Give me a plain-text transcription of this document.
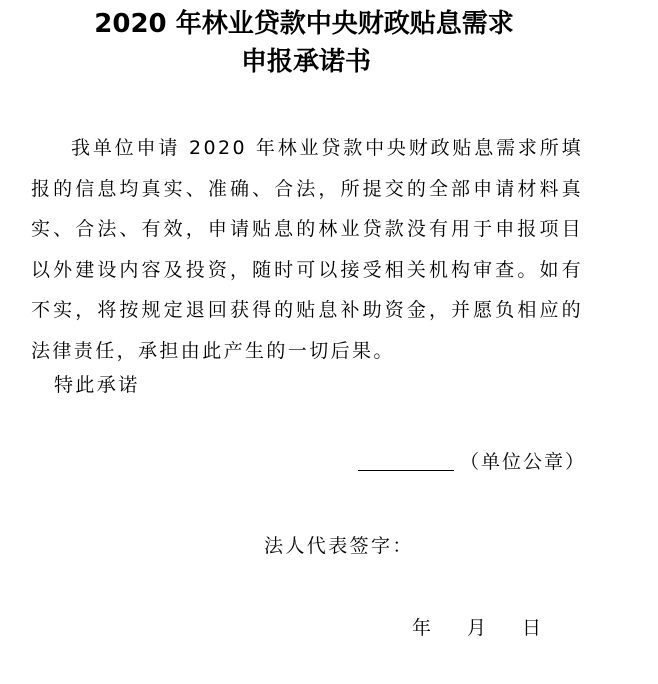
2020 年林业贷款中央财政贴息需求
申报承诺书

我单位申请 2020 年林业贷款中央财政贴息需求所填报的信息均真实、准确、合法，所提交的全部申请材料真实、合法、有效，申请贴息的林业贷款没有用于申报项目以外建设内容及投资，随时可以接受相关机构审查。如有不实，将按规定退回获得的贴息补助资金，并愿负相应的法律责任，承担由此产生的一切后果。

特此承诺
（单位公章）
法人代表签字：
年 月 日
